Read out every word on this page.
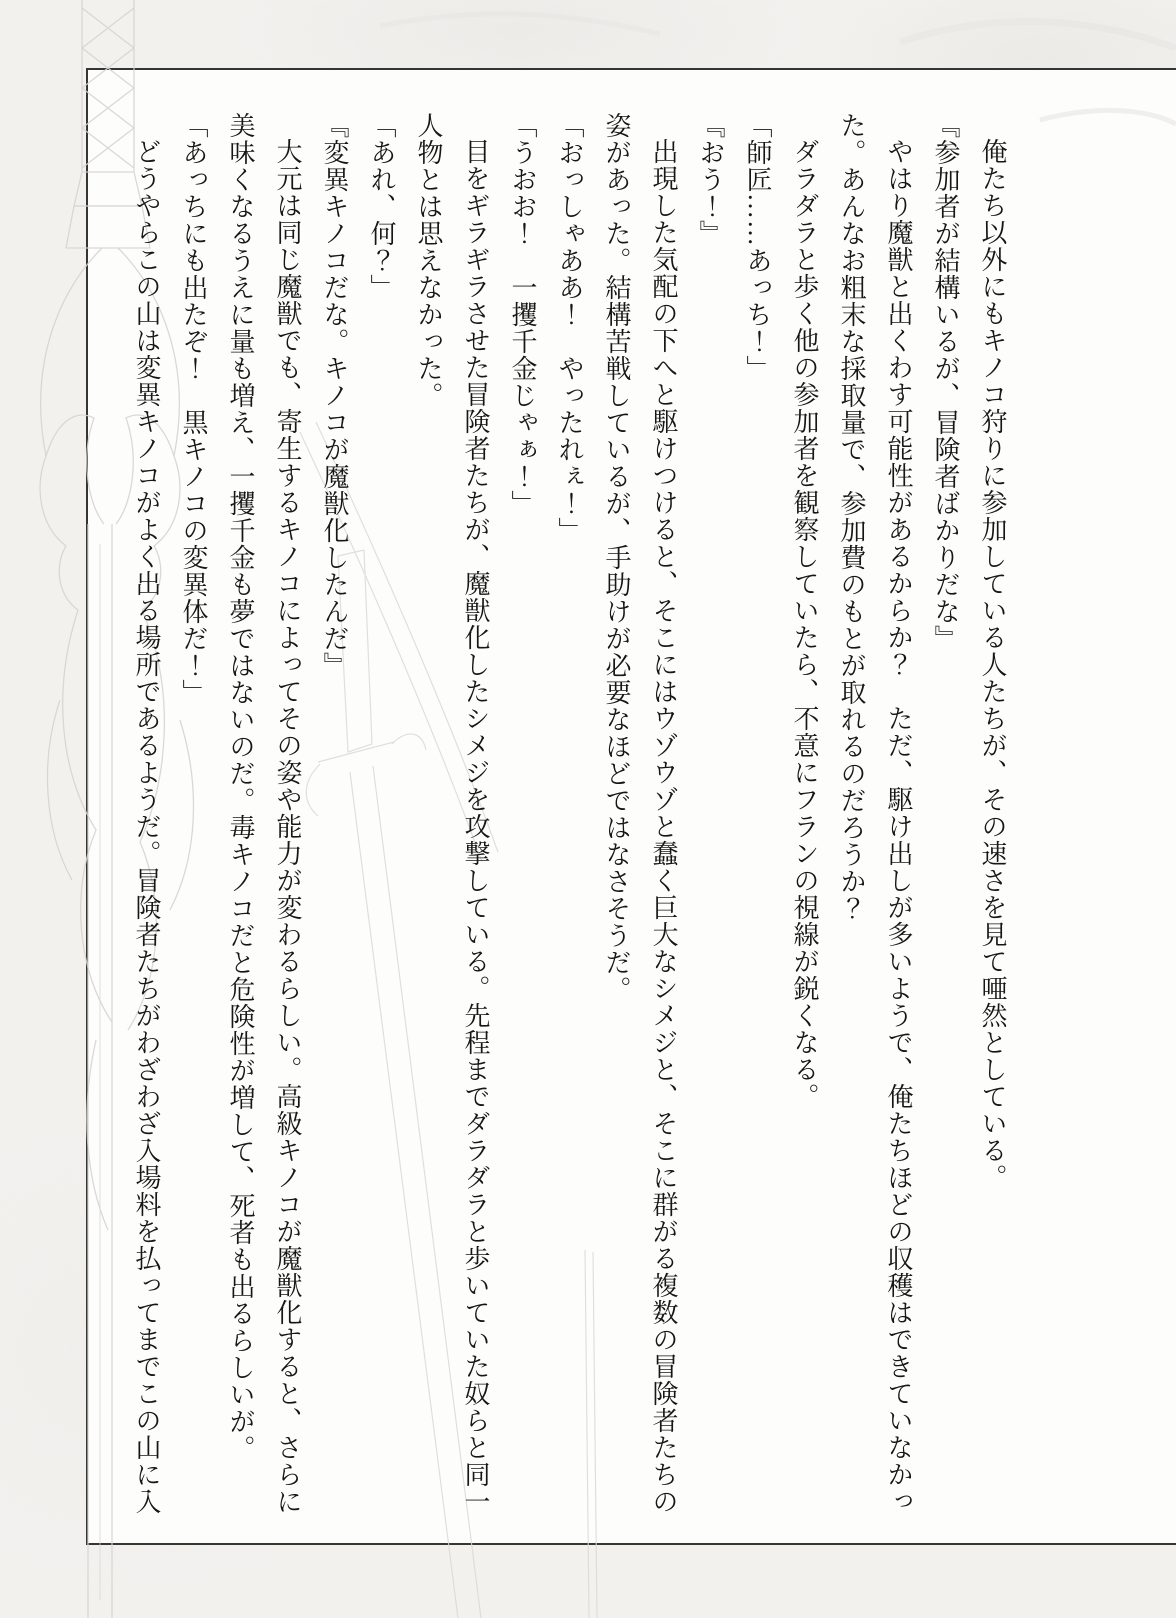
俺たち以外にもキノコ狩りに参加している人たちが、その速さを見て唖然としている。

『参加者が結構いるが、冒険者ばかりだな』

やはり魔獣と出くわす可能性があるからか？　ただ、駆け出しが多いようで、俺たちほどの収穫はできていなかった。あんなお粗末な採取量で、参加費のもとが取れるのだろうか？

ダラダラと歩く他の参加者を観察していたら、不意にフランの視線が鋭くなる。

「師匠……あっち！」

『おう！』

出現した気配の下へと駆けつけると、そこにはウゾウゾと蠢く巨大なシメジと、そこに群がる複数の冒険者たちの姿があった。結構苦戦しているが、手助けが必要なほどではなさそうだ。

「おっしゃああ！　やったれぇ！」

「うおお！　一攫千金じゃぁ！」

目をギラギラさせた冒険者たちが、魔獣化したシメジを攻撃している。先程までダラダラと歩いていた奴らと同一人物とは思えなかった。

「あれ、何？」

『変異キノコだな。キノコが魔獣化したんだ』

大元は同じ魔獣でも、寄生するキノコによってその姿や能力が変わるらしい。高級キノコが魔獣化すると、さらに美味くなるうえに量も増え、一攫千金も夢ではないのだ。毒キノコだと危険性が増して、死者も出るらしいが。

「あっちにも出たぞ！　黒キノコの変異体だ！」

どうやらこの山は変異キノコがよく出る場所であるようだ。冒険者たちがわざわざ入場料を払ってまでこの山に入
